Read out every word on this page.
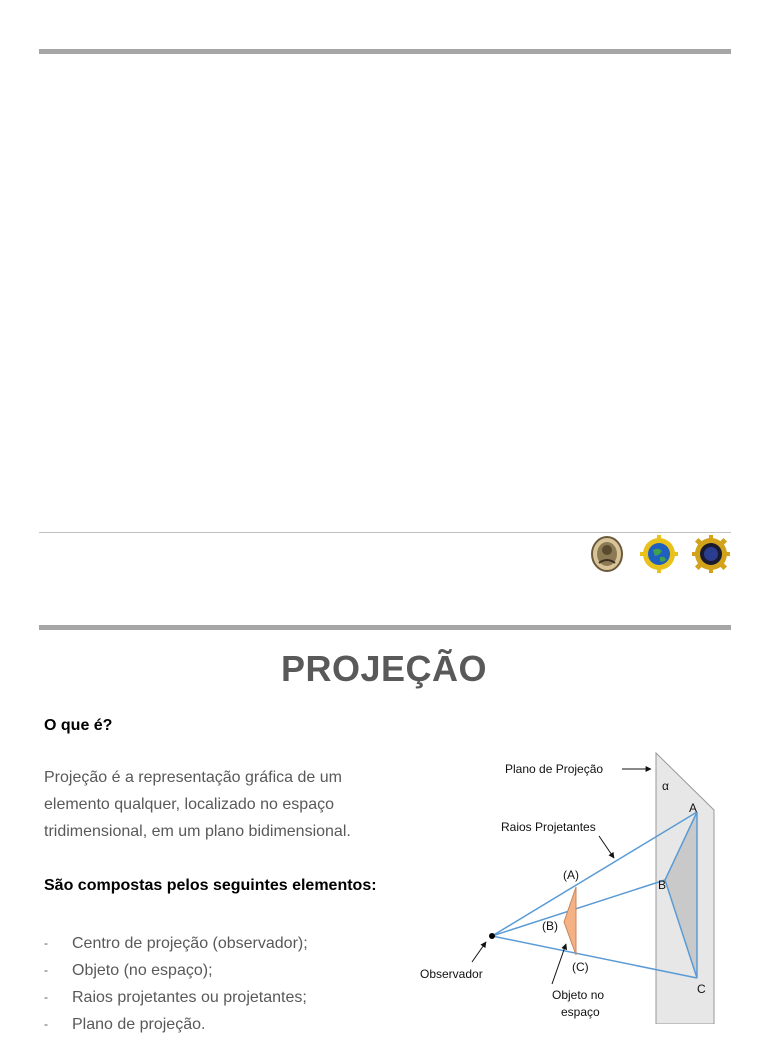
PROJEÇÃO
O que é?
Projeção é a representação gráfica de um
elemento qualquer, localizado no espaço
tridimensional, em um plano bidimensional.
São compostas pelos seguintes elementos:
- Centro de projeção (observador);
- Objeto (no espaço);
- Raios projetantes ou projetantes;
- Plano de projeção.
Plano de Projeção
Raios Projetantes
Observador
Objeto no
espaço
α
A
B
C
(A)
(B)
(C)
